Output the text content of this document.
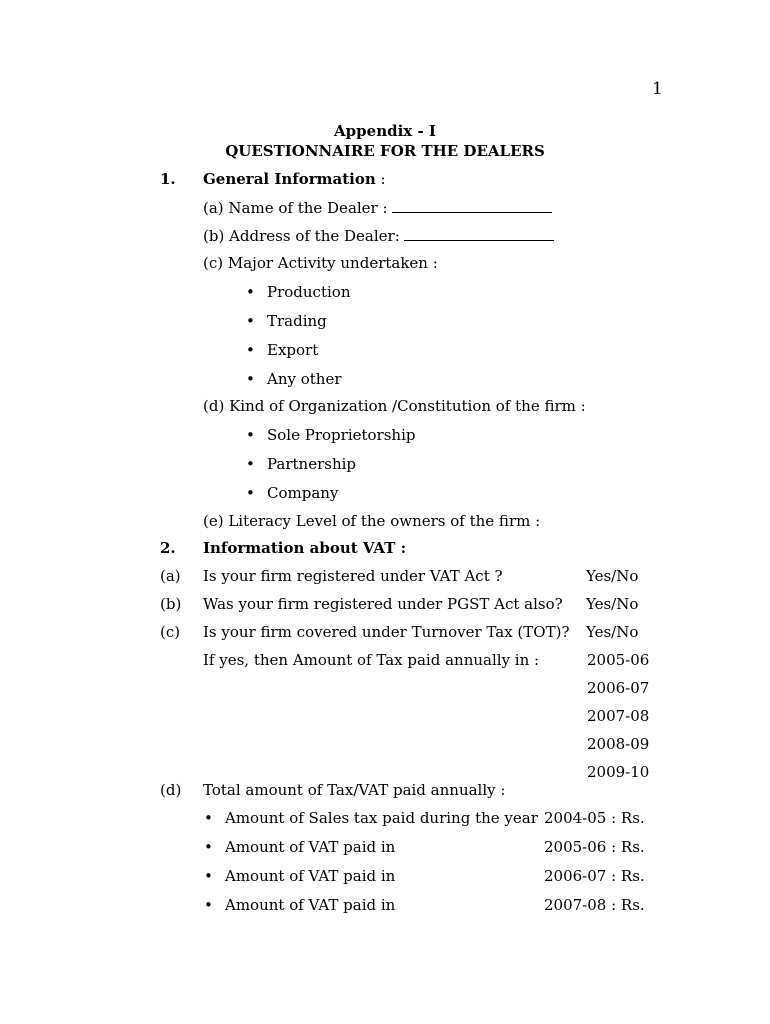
1
Appendix - I
QUESTIONNAIRE FOR THE DEALERS
1. General Information :
(a) Name of the Dealer :
(b) Address of the Dealer:
(c) Major Activity undertaken :
• Production
• Trading
• Export
• Any other
(d) Kind of Organization /Constitution of the firm :
• Sole Proprietorship
• Partnership
• Company
(e) Literacy Level of the owners of the firm :
2. Information about VAT :
(a) Is your firm registered under VAT Act ?	Yes/No
(b) Was your firm registered under PGST Act also? Yes/No
(c) Is your firm covered under Turnover Tax (TOT)? Yes/No
If yes, then Amount of Tax paid annually in :	2005-06
2006-07
2007-08
2008-09
2009-10
(d) Total amount of Tax/VAT paid annually :
• Amount of Sales tax paid during the year 2004-05 : Rs.
• Amount of VAT paid in	2005-06 : Rs.
• Amount of VAT paid in	2006-07 : Rs.
• Amount of VAT paid in	2007-08 : Rs.
